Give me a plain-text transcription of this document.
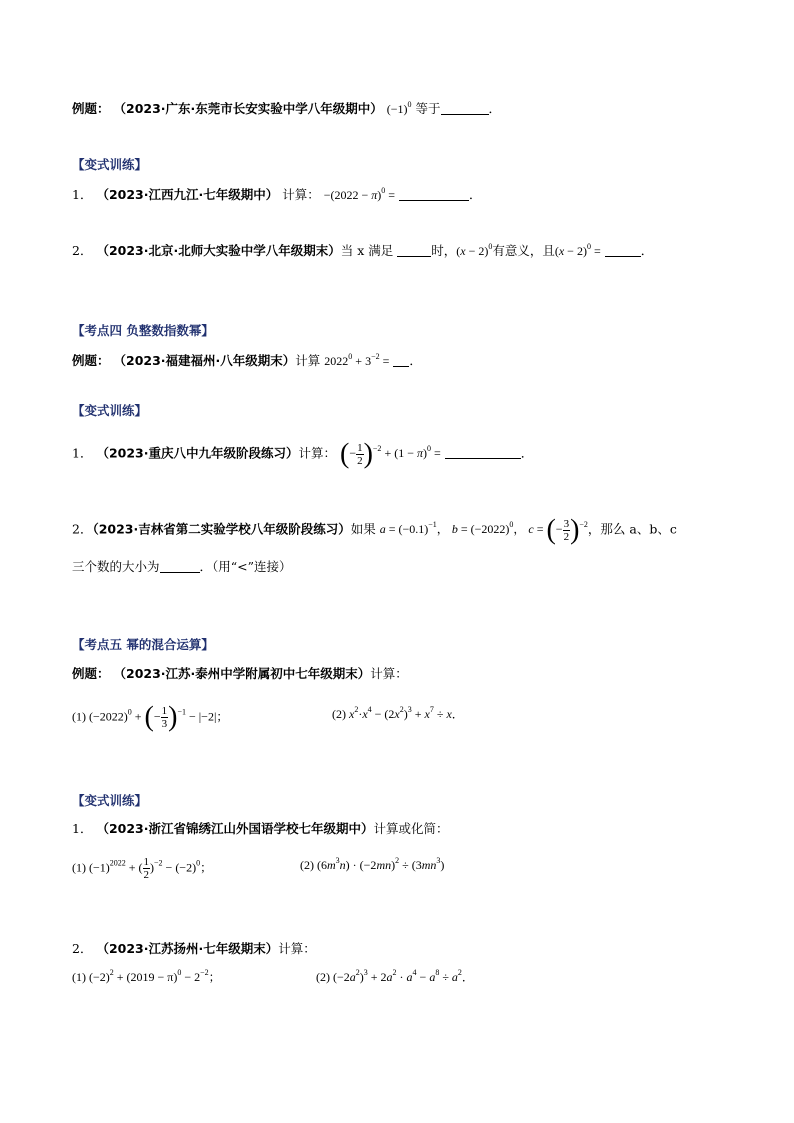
例题： （2023·广东·东莞市长安实验中学八年级期中） $(-1)^0$ 等于	．
【变式训练】
1． （2023·江西九江·七年级期中） 计算： $-(2022 - \pi)^0$ =	．
2． （2023·北京·北师大实验中学八年级期末）当 x 满足	时，$(x - 2)^0$有意义，且$(x - 2)^0$ =	．
【考点四 负整数指数幂】
例题： （2023·福建福州·八年级期末）计算 $2022^0 + 3^{-2}$ = ．
【变式训练】
1． （2023·重庆八中九年级阶段练习）计算： (− $\frac{1}{2} )^{-2} + (1 - \pi)^0$ =	．
2．（2023·吉林省第二实验学校八年级阶段练习）如果 $a = (-0.1)^{-1}$， $b = (-2022)^0$， c = (− $\frac{3}{2} )^{-2}$，那么 a、b、c
三个数的大小为	．（用“<”连接）
【考点五 幂的混合运算】
例题： （2023·江苏·泰州中学附属初中七年级期末）计算：
(1) $(-2022)^0$ + (− $\frac{1}{3} )^{-1} - |-2|$；	(2) $x^2\cdot x^4 - (2x^2)^3 + x^7 \div x$．
【变式训练】
1． （2023·浙江省锦绣江山外国语学校七年级期中）计算或化简：
(1) $(-1)^{2022}$ + ( $\frac{1}{2} )^{-2} - (-2)^0$；	(2) $(6m^3n) \cdot (-2mn)^2 \div (3mn^3)$
2． （2023·江苏扬州·七年级期末）计算：
(1) $(-2)^2 + (2019 - \pi)^0 - 2^{-2}$；	(2) $(-2a^2)^3 + 2a^2 \cdot a^4 - a^8 \div a^2$．
